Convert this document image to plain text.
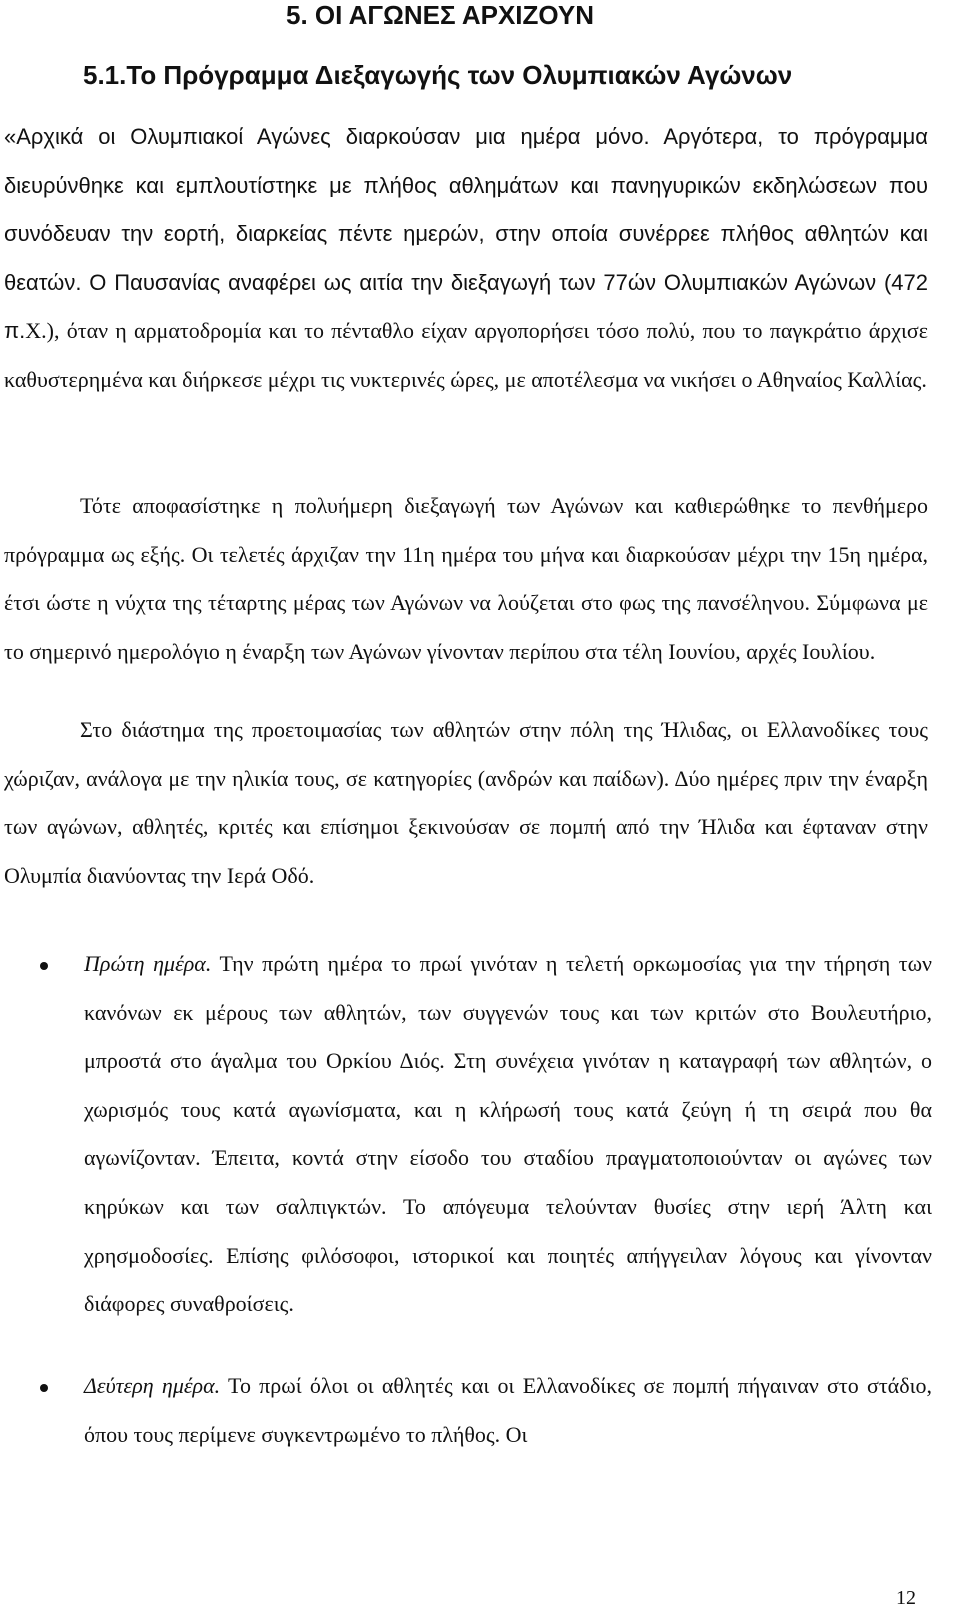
5. ΟΙ ΑΓΩΝΕΣ ΑΡΧΙΖΟΥΝ
5.1.Το Πρόγραμμα Διεξαγωγής των Ολυμπιακών Αγώνων

«Αρχικά οι Ολυμπιακοί Αγώνες διαρκούσαν μια ημέρα μόνο. Αργότερα, το πρόγραμμα διευρύνθηκε και εμπλουτίστηκε με πλήθος αθλημάτων και πανηγυρικών εκδηλώσεων που συνόδευαν την εορτή, διαρκείας πέντε ημερών, στην οποία συνέρρεε πλήθος αθλητών και θεατών. Ο Παυσανίας αναφέρει ως αιτία την διεξαγωγή των 77ών Ολυμπιακών Αγώνων (472 π.Χ.), όταν η αρματοδρομία και το πένταθλο είχαν αργοπορήσει τόσο πολύ, που το παγκράτιο άρχισε καθυστερημένα και διήρκεσε μέχρι τις νυκτερινές ώρες, με αποτέλεσμα να νικήσει ο Αθηναίος Καλλίας.

Τότε αποφασίστηκε η πολυήμερη διεξαγωγή των Αγώνων και καθιερώθηκε το πενθήμερο πρόγραμμα ως εξής. Οι τελετές άρχιζαν την 11η ημέρα του μήνα και διαρκούσαν μέχρι την 15η ημέρα, έτσι ώστε η νύχτα της τέταρτης μέρας των Αγώνων να λούζεται στο φως της πανσέληνου. Σύμφωνα με το σημερινό ημερολόγιο η έναρξη των Αγώνων γίνονταν περίπου στα τέλη Ιουνίου, αρχές Ιουλίου.

Στο διάστημα της προετοιμασίας των αθλητών στην πόλη της Ήλιδας, οι Ελλανοδίκες τους χώριζαν, ανάλογα με την ηλικία τους, σε κατηγορίες (ανδρών και παίδων). Δύο ημέρες πριν την έναρξη των αγώνων, αθλητές, κριτές και επίσημοι ξεκινούσαν σε πομπή από την Ήλιδα και έφταναν στην Ολυμπία διανύοντας την Ιερά Οδό.

Πρώτη ημέρα. Την πρώτη ημέρα το πρωί γινόταν η τελετή ορκωμοσίας για την τήρηση των κανόνων εκ μέρους των αθλητών, των συγγενών τους και των κριτών στο Βουλευτήριο, μπροστά στο άγαλμα του Ορκίου Διός. Στη συνέχεια γινόταν η καταγραφή των αθλητών, ο χωρισμός τους κατά αγωνίσματα, και η κλήρωσή τους κατά ζεύγη ή τη σειρά που θα αγωνίζονταν. Έπειτα, κοντά στην είσοδο του σταδίου πραγματοποιούνταν οι αγώνες των κηρύκων και των σαλπιγκτών. Το απόγευμα τελούνταν θυσίες στην ιερή Άλτη και χρησμοδοσίες. Επίσης φιλόσοφοι, ιστορικοί και ποιητές απήγγειλαν λόγους και γίνονταν διάφορες συναθροίσεις.

Δεύτερη ημέρα. Το πρωί όλοι οι αθλητές και οι Ελλανοδίκες σε πομπή πήγαιναν στο στάδιο, όπου τους περίμενε συγκεντρωμένο το πλήθος. Οι

12
